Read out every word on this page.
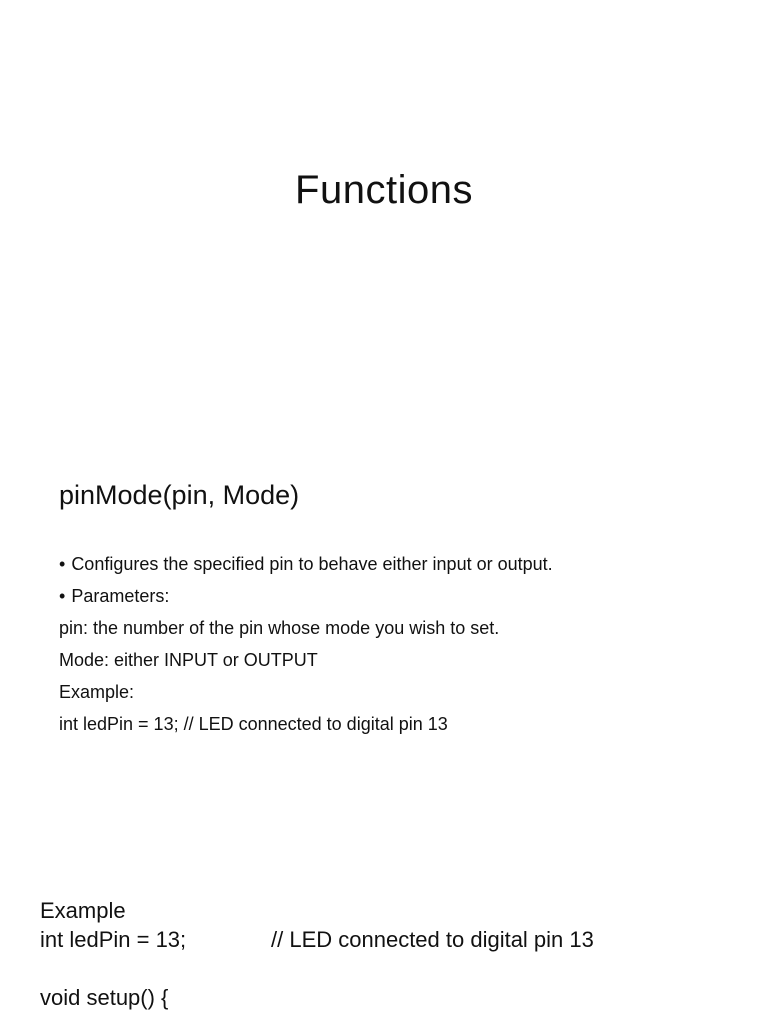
Functions
pinMode(pin, Mode)
• Configures the specified pin to behave either input or output.
• Parameters:
pin: the number of the pin whose mode you wish to set.
Mode: either INPUT or OUTPUT
Example:
int ledPin = 13; // LED connected to digital pin 13
Example
int ledPin = 13;	// LED connected to digital pin 13
void setup() {
